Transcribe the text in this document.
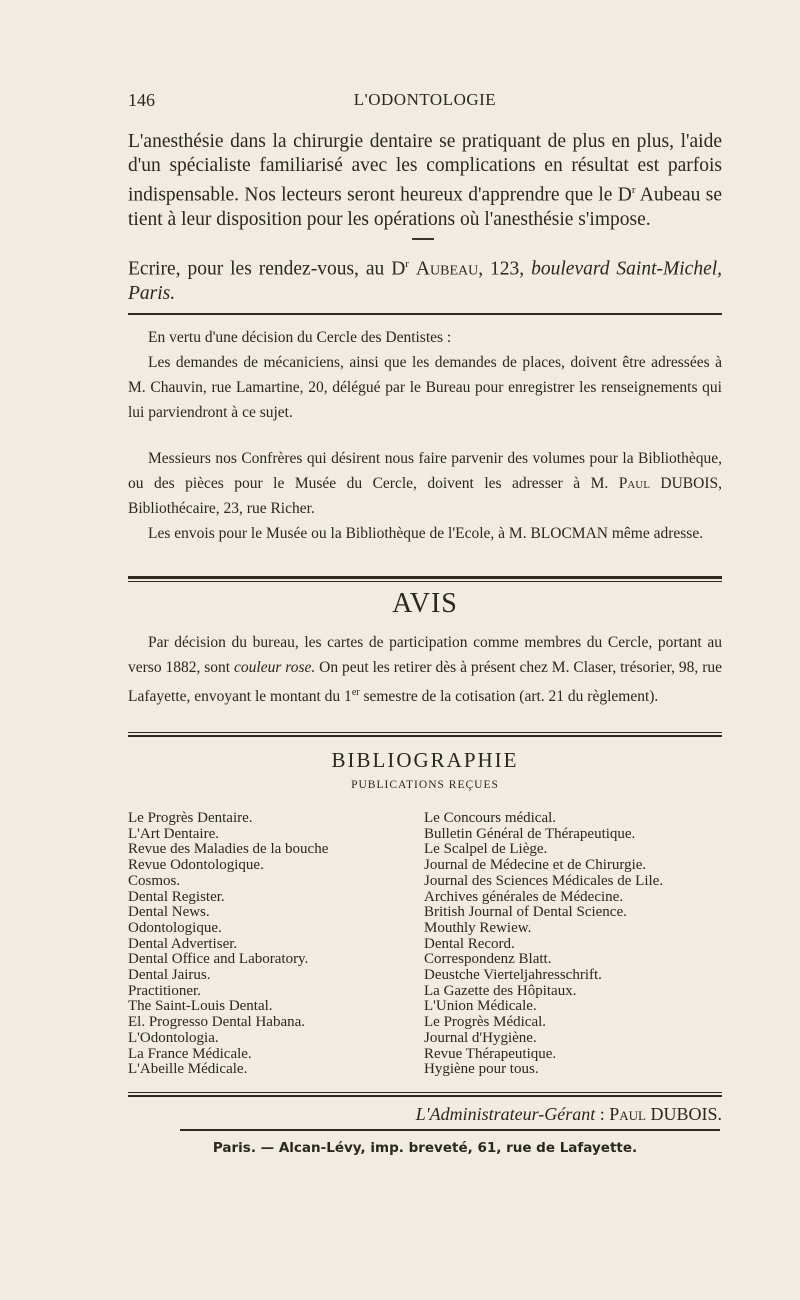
146	L'ODONTOLOGIE

L'anesthésie dans la chirurgie dentaire se pratiquant de plus en plus, l'aide d'un spécialiste familiarisé avec les complications en résultat est parfois indispensable. Nos lecteurs seront heureux d'apprendre que le $D^r$ Aubeau se tient à leur disposition pour les opérations où l'anesthésie s'impose.

Ecrire, pour les rendez-vous, au $D^r$ Aubeau, 123, boulevard Saint-Michel, Paris.

En vertu d'une décision du Cercle des Dentistes :
Les demandes de mécaniciens, ainsi que les demandes de places, doivent être adressées à M. Chauvin, rue Lamartine, 20, délégué par le Bureau pour enregistrer les renseignements qui lui parviendront à ce sujet.
Messieurs nos Confrères qui désirent nous faire parvenir des volumes pour la Bibliothèque, ou des pièces pour le Musée du Cercle, doivent les adresser à M. Paul DUBOIS, Bibliothécaire, 23, rue Richer.
Les envois pour le Musée ou la Bibliothèque de l'Ecole, à M. BLOCMAN même adresse.
AVIS
Par décision du bureau, les cartes de participation comme membres du Cercle, portant au verso 1882, sont couleur rose. On peut les retirer dès à présent chez M. Claser, trésorier, 98, rue Lafayette, envoyant le montant du 1er semestre de la cotisation (art. 21 du règlement).
BIBLIOGRAPHIE
PUBLICATIONS REÇUES
Le Progrès Dentaire.
L'Art Dentaire.
Revue des Maladies de la bouche
Revue Odontologique.
Cosmos.
Dental Register.
Dental News.
Odontologique.
Dental Advertiser.
Dental Office and Laboratory.
Dental Jairus.
Practitioner.
The Saint-Louis Dental.
El. Progresso Dental Habana.
L'Odontologia.
La France Médicale.
L'Abeille Médicale.
Le Concours médical.
Bulletin Général de Thérapeutique.
Le Scalpel de Liège.
Journal de Médecine et de Chirurgie.
Journal des Sciences Médicales de Lile.
Archives générales de Médecine.
British Journal of Dental Science.
Mouthly Rewiew.
Dental Record.
Correspondenz Blatt.
Deustche Vierteljahresschrift.
La Gazette des Hôpitaux.
L'Union Médicale.
Le Progrès Médical.
Journal d'Hygiène.
Revue Thérapeutique.
Hygiène pour tous.
L'Administrateur-Gérant : Paul DUBOIS.
Paris. — Alcan-Lévy, imp. breveté, 61, rue de Lafayette.
